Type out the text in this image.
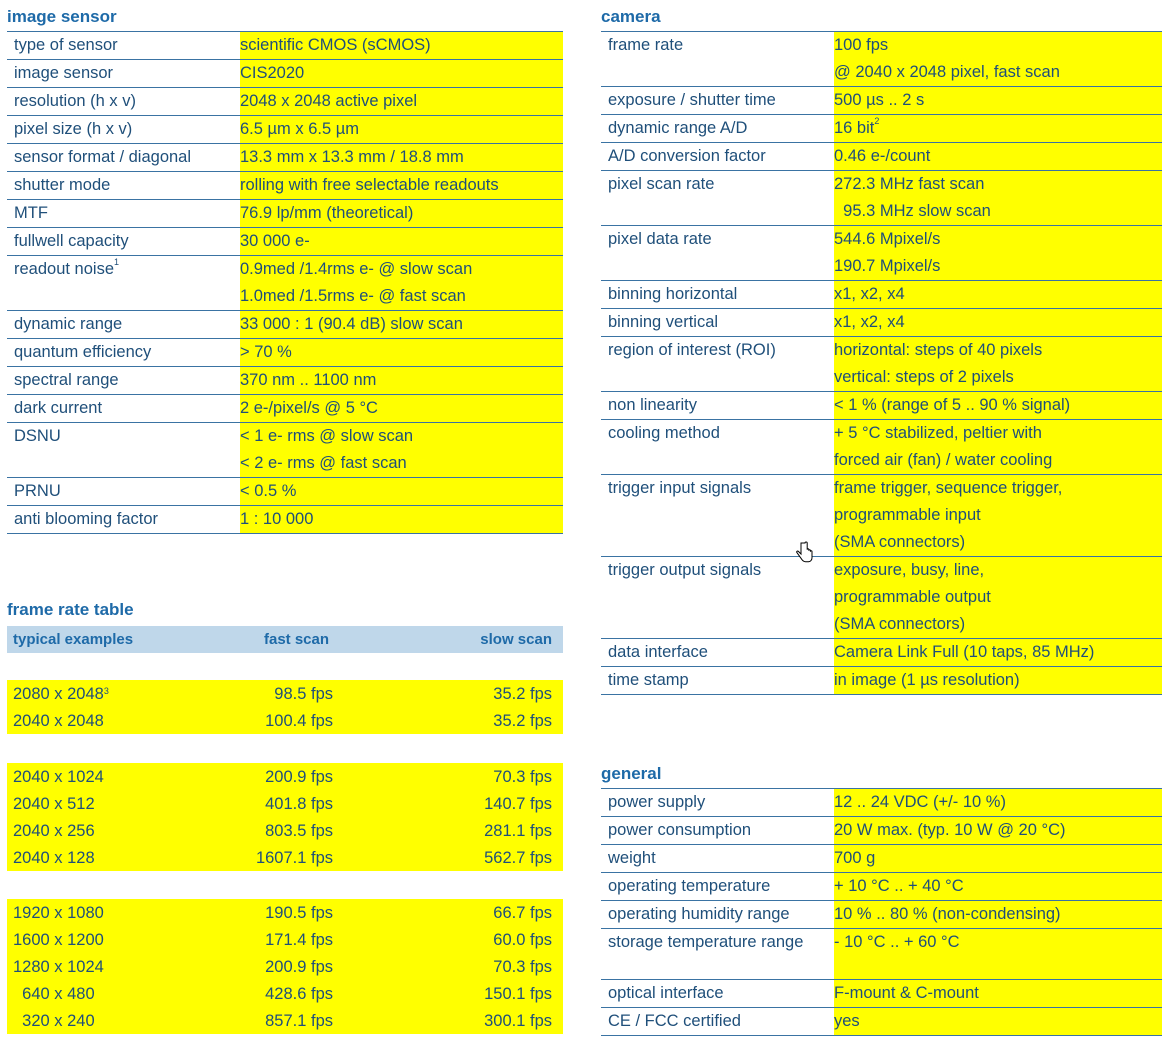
image sensor
type of sensor	scientific CMOS (sCMOS)

image sensor	CIS2020

resolution (h x v)	2048 x 2048 active pixel

pixel size (h x v)	6.5 µm x 6.5 µm

sensor format / diagonal	13.3 mm x 13.3 mm / 18.8 mm

shutter mode	rolling with free selectable readouts

MTF	76.9 lp/mm (theoretical)

fullwell capacity	30 000 e-

readout noise$^1$	0.9med /1.4rms e- @ slow scan
1.0med /1.5rms e- @ fast scan

dynamic range	33 000 : 1 (90.4 dB) slow scan

quantum efficiency	> 70 %

spectral range	370 nm .. 1100 nm

dark current	2 e-/pixel/s @ 5 °C

DSNU	< 1 e- rms @ slow scan
< 2 e- rms @ fast scan

PRNU	< 0.5 %

anti blooming factor	1 : 10 000
frame rate table
typical examples	fast scan	slow scan
2080 x 2048$^3$	98.5 fps	35.2 fps
2040 x 2048	100.4 fps	35.2 fps
2040 x 1024	200.9 fps	70.3 fps
2040 x 512	401.8 fps	140.7 fps
2040 x 256	803.5 fps	281.1 fps
2040 x 128	1607.1 fps	562.7 fps
1920 x 1080	190.5 fps	66.7 fps
1600 x 1200	171.4 fps	60.0 fps
1280 x 1024	200.9 fps	70.3 fps
640 x 480	428.6 fps	150.1 fps
320 x 240	857.1 fps	300.1 fps
camera
frame rate	100 fps
@ 2040 x 2048 pixel, fast scan

exposure / shutter time	500 µs .. 2 s

dynamic range A/D	16 bit$^2$

A/D conversion factor	0.46 e-/count

pixel scan rate	272.3 MHz fast scan
95.3 MHz slow scan

pixel data rate	544.6 Mpixel/s
190.7 Mpixel/s

binning horizontal	x1, x2, x4

binning vertical	x1, x2, x4

region of interest (ROI)	horizontal: steps of 40 pixels
vertical: steps of 2 pixels

non linearity	< 1 % (range of 5 .. 90 % signal)

cooling method	+ 5 °C stabilized, peltier with
forced air (fan) / water cooling

trigger input signals	frame trigger, sequence trigger,
programmable input
(SMA connectors)

trigger output signals	exposure, busy, line,
programmable output
(SMA connectors)

data interface	Camera Link Full (10 taps, 85 MHz)

time stamp	in image (1 µs resolution)
general
power supply	12 .. 24 VDC (+/- 10 %)

power consumption	20 W max. (typ. 10 W @ 20 °C)

weight	700 g

operating temperature	+ 10 °C .. + 40 °C

operating humidity range	10 % .. 80 % (non-condensing)

storage temperature range	- 10 °C .. + 60 °C

optical interface	F-mount & C-mount

CE / FCC certified	yes
